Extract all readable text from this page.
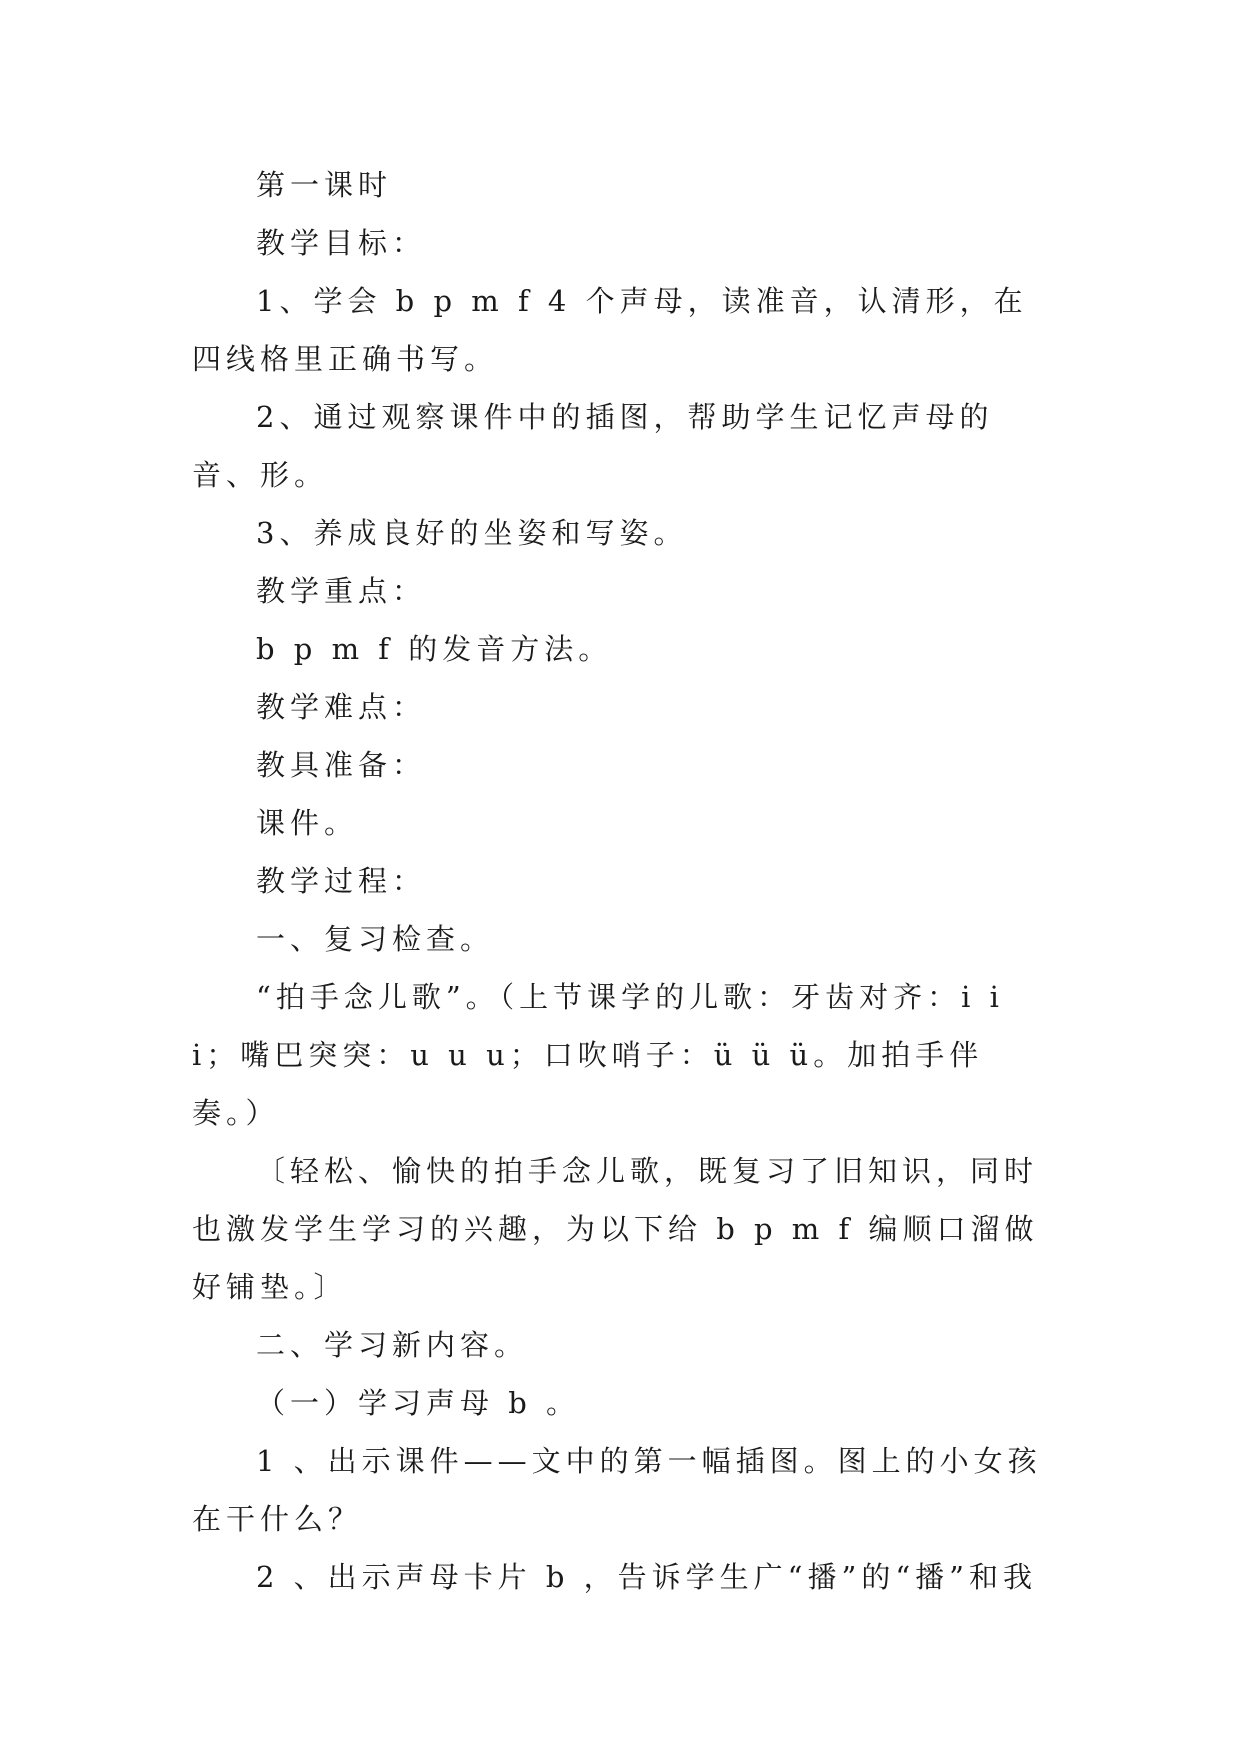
第一课时

教学目标：

1、学会 b p m f 4 个声母，读准音，认清形，在四线格里正确书写。

2、通过观察课件中的插图，帮助学生记忆声母的音、形。

3、养成良好的坐姿和写姿。

教学重点：

b p m f 的发音方法。

教学难点：

教具准备：

课件。

教学过程：

一、复习检查。

“拍手念儿歌”。（上节课学的儿歌：牙齿对齐：i i i；嘴巴突突：u u u；口吹哨子：ü ü ü。加拍手伴奏。）

〔轻松、愉快的拍手念儿歌，既复习了旧知识，同时也激发学生学习的兴趣，为以下给 b p m f 编顺口溜做好铺垫。〕

二、学习新内容。

（一）学习声母 b 。

1 、出示课件——文中的第一幅插图。图上的小女孩在干什么？

2 、出示声母卡片 b ，告诉学生广“播”的“播”和我
